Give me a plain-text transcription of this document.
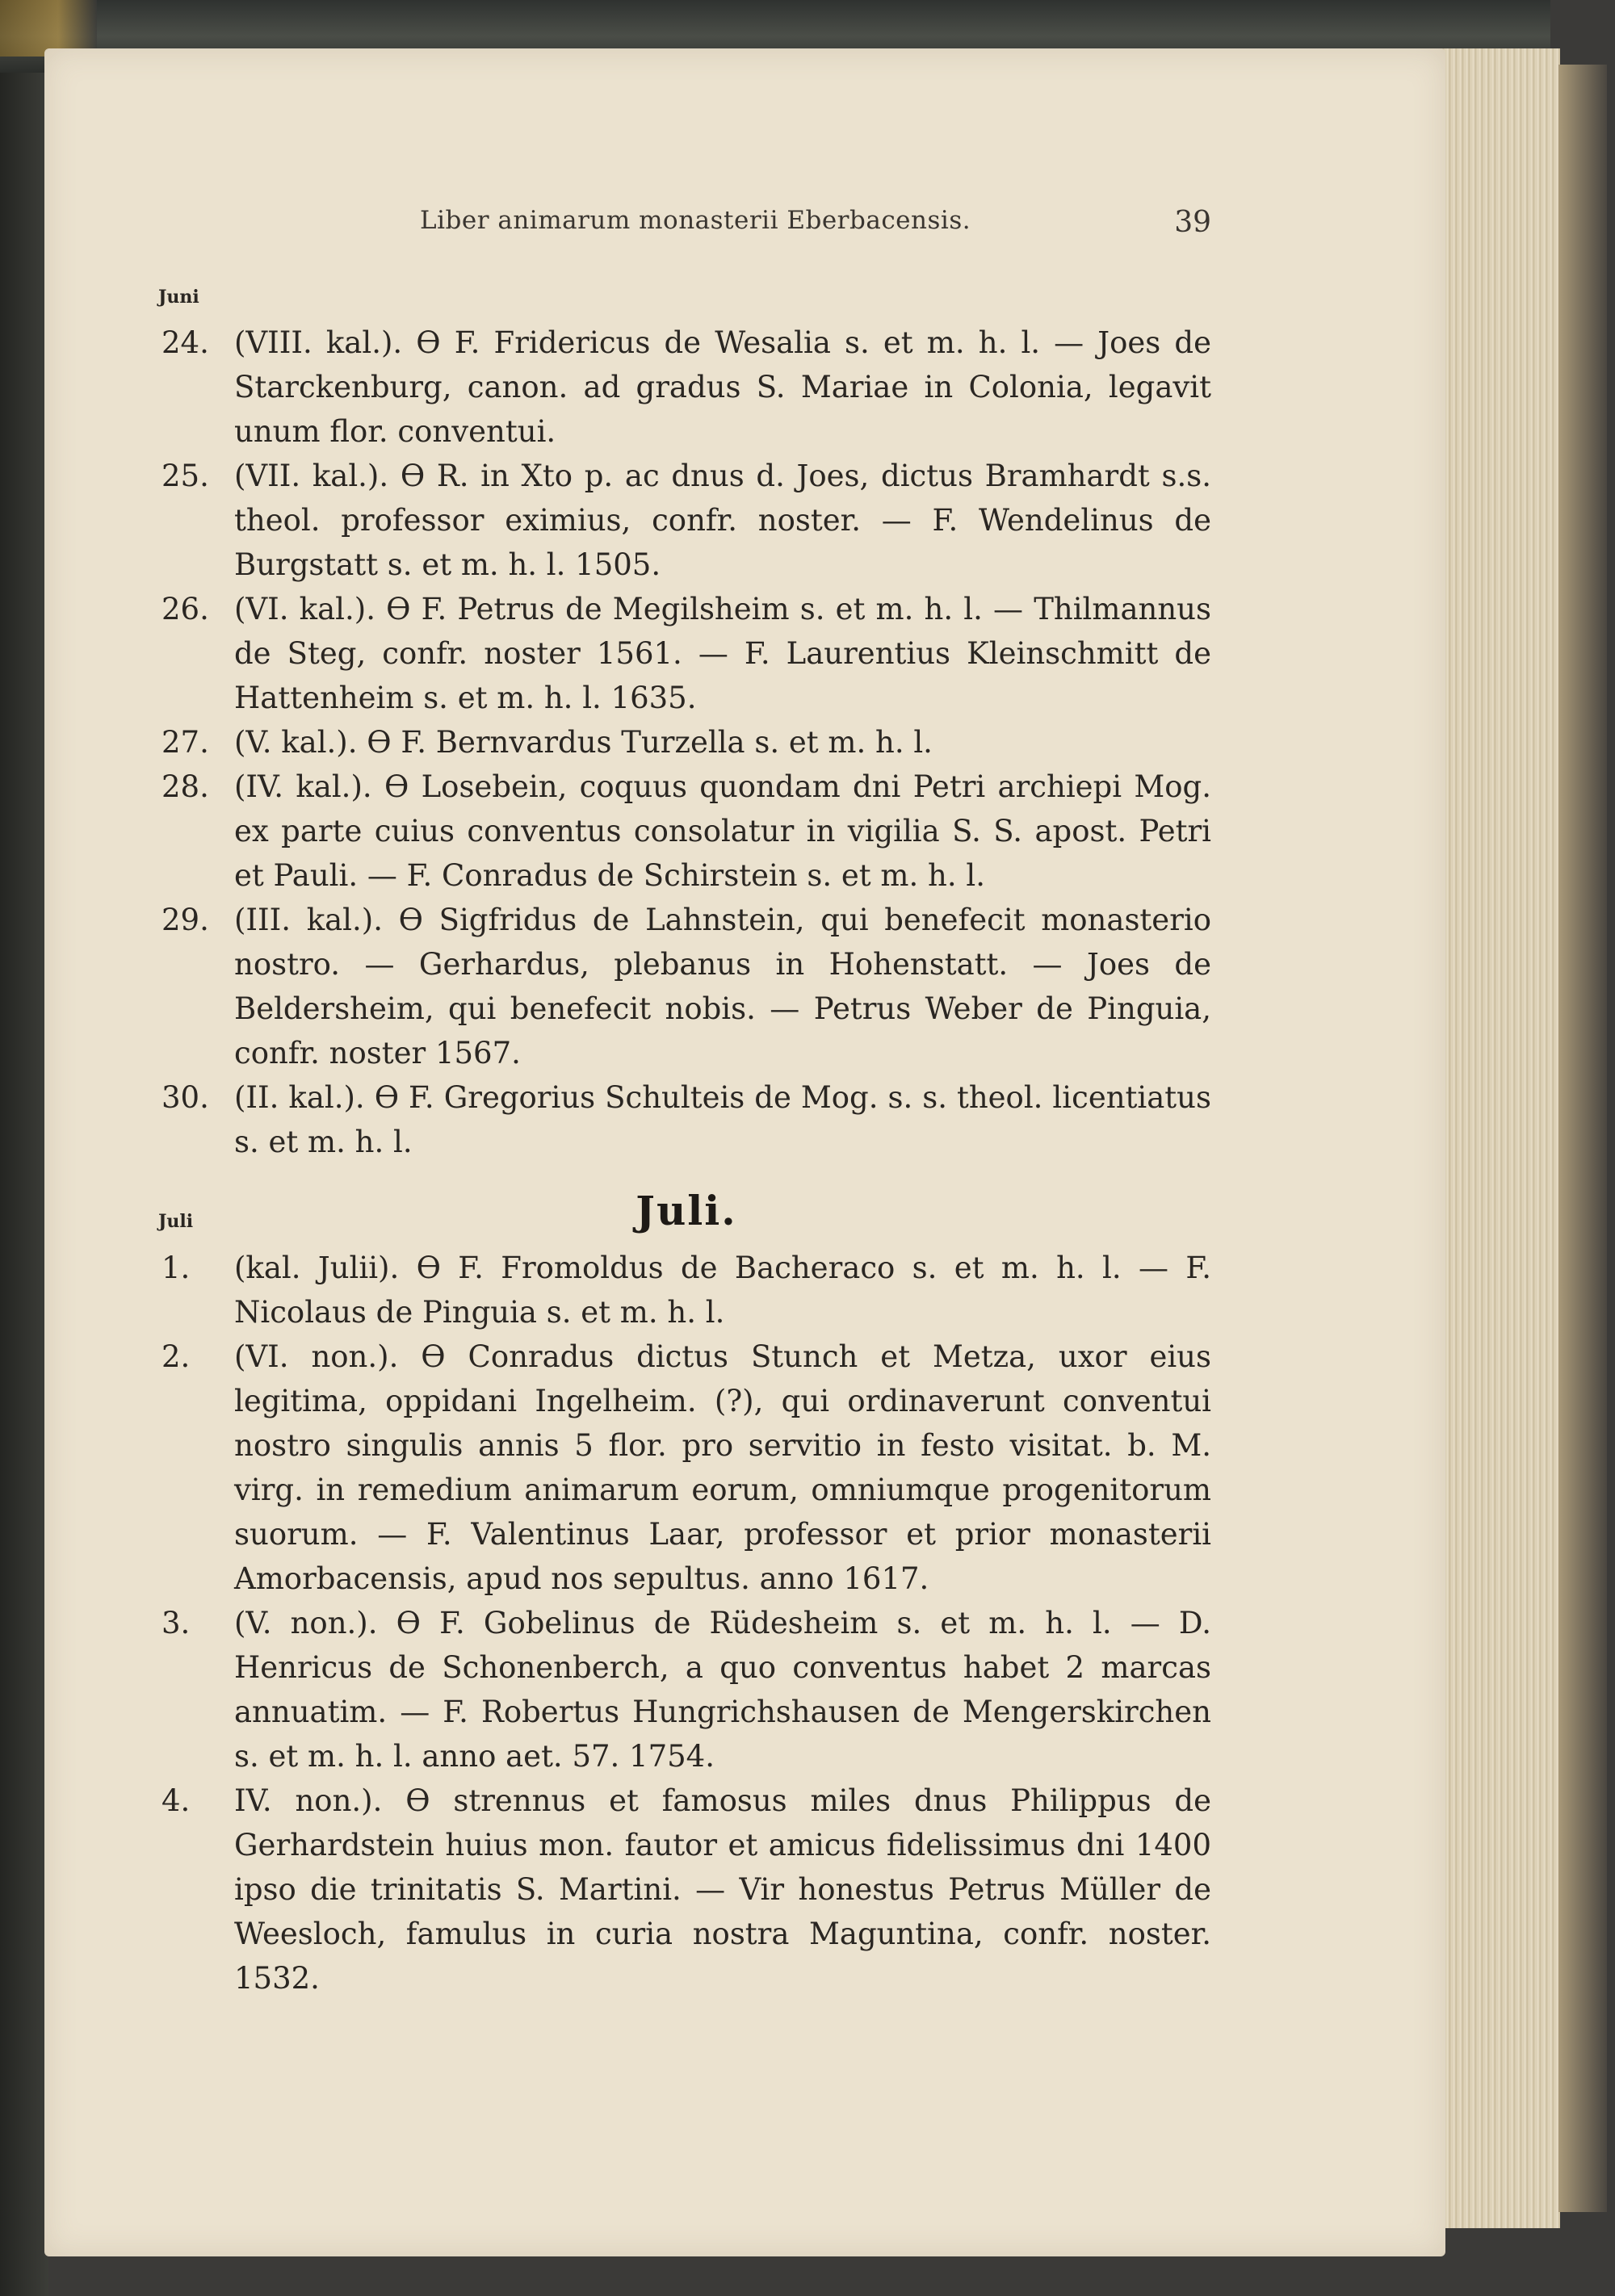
Liber animarum monasterii Eberbacensis.	39
Juni
24. (VIII. kal.). ϴ F. Fridericus de Wesalia s. et m. h. l. — Joes de Starckenburg, canon. ad gradus S. Mariae in Colonia, legavit unum flor. conventui.
25. (VII. kal.). ϴ R. in Xto p. ac dnus d. Joes, dictus Bramhardt s.s. theol. professor eximius, confr. noster. — F. Wendelinus de Burgstatt s. et m. h. l. 1505.
26. (VI. kal.). ϴ F. Petrus de Megilsheim s. et m. h. l. — Thilmannus de Steg, confr. noster 1561. — F. Laurentius Kleinschmitt de Hattenheim s. et m. h. l. 1635.
27. (V. kal.). ϴ F. Bernvardus Turzella s. et m. h. l.
28. (IV. kal.). ϴ Losebein, coquus quondam dni Petri archiepi Mog. ex parte cuius conventus consolatur in vigilia S. S. apost. Petri et Pauli. — F. Conradus de Schirstein s. et m. h. l.
29. (III. kal.). ϴ Sigfridus de Lahnstein, qui benefecit monasterio nostro. — Gerhardus, plebanus in Hohenstatt. — Joes de Beldersheim, qui benefecit nobis. — Petrus Weber de Pinguia, confr. noster 1567.
30. (II. kal.). ϴ F. Gregorius Schulteis de Mog. s. s. theol. licentiatus s. et m. h. l.
Juli	Juli.
1.	(kal. Julii). ϴ F. Fromoldus de Bacheraco s. et m. h. l. — F. Nicolaus de Pinguia s. et m. h. l.
2.	(VI. non.). ϴ Conradus dictus Stunch et Metza, uxor eius legitima, oppidani Ingelheim. (?), qui ordinaverunt conventui nostro singulis annis 5 flor. pro servitio in festo visitat. b. M. virg. in remedium animarum eorum, omniumque progenitorum suorum. — F. Valentinus Laar, professor et prior monasterii Amorbacensis, apud nos sepultus. anno 1617.
3.	(V. non.). ϴ F. Gobelinus de Rüdesheim s. et m. h. l. — D. Henricus de Schonenberch, a quo conventus habet 2 marcas annuatim. — F. Robertus Hungrichshausen de Mengerskirchen s. et m. h. l. anno aet. 57. 1754.
4.	IV. non.). ϴ strennus et famosus miles dnus Philippus de Gerhardstein huius mon. fautor et amicus fidelissimus dni 1400 ipso die trinitatis S. Martini. — Vir honestus Petrus Müller de Weesloch, famulus in curia nostra Maguntina, confr. noster. 1532.
